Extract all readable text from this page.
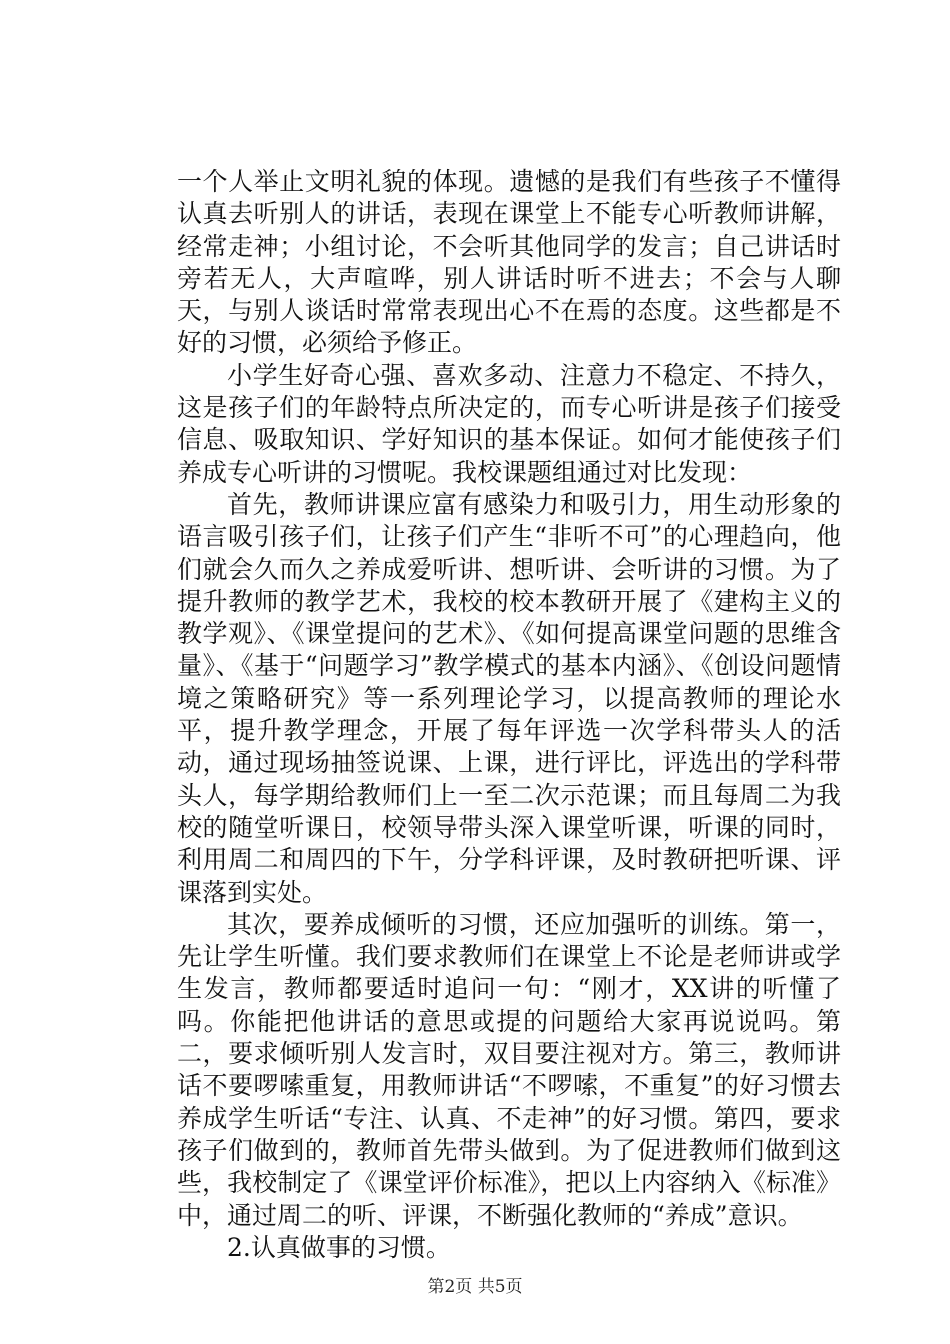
一个人举止文明礼貌的体现。遗憾的是我们有些孩子不懂得认真去听别人的讲话，表现在课堂上不能专心听教师讲解，经常走神；小组讨论，不会听其他同学的发言；自己讲话时旁若无人，大声喧哗，别人讲话时听不进去；不会与人聊天，与别人谈话时常常表现出心不在焉的态度。这些都是不好的习惯，必须给予修正。

小学生好奇心强、喜欢多动、注意力不稳定、不持久，这是孩子们的年龄特点所决定的，而专心听讲是孩子们接受信息、吸取知识、学好知识的基本保证。如何才能使孩子们养成专心听讲的习惯呢。我校课题组通过对比发现：

首先，教师讲课应富有感染力和吸引力，用生动形象的语言吸引孩子们，让孩子们产生“非听不可”的心理趋向，他们就会久而久之养成爱听讲、想听讲、会听讲的习惯。为了提升教师的教学艺术，我校的校本教研开展了《建构主义的教学观》、《课堂提问的艺术》、《如何提高课堂问题的思维含量》、《基于“问题学习”教学模式的基本内涵》、《创设问题情境之策略研究》等一系列理论学习，以提高教师的理论水平，提升教学理念，开展了每年评选一次学科带头人的活动，通过现场抽签说课、上课，进行评比，评选出的学科带头人，每学期给教师们上一至二次示范课；而且每周二为我校的随堂听课日，校领导带头深入课堂听课，听课的同时，利用周二和周四的下午，分学科评课，及时教研把听课、评课落到实处。

其次，要养成倾听的习惯，还应加强听的训练。第一，先让学生听懂。我们要求教师们在课堂上不论是老师讲或学生发言，教师都要适时追问一句：“刚才，XX讲的听懂了吗。你能把他讲话的意思或提的问题给大家再说说吗。第二，要求倾听别人发言时，双目要注视对方。第三，教师讲话不要啰嗦重复，用教师讲话“不啰嗦，不重复”的好习惯去养成学生听话“专注、认真、不走神”的好习惯。第四，要求孩子们做到的，教师首先带头做到。为了促进教师们做到这些，我校制定了《课堂评价标准》，把以上内容纳入《标准》中，通过周二的听、评课，不断强化教师的“养成”意识。

2.认真做事的习惯。

第2页 共5页
